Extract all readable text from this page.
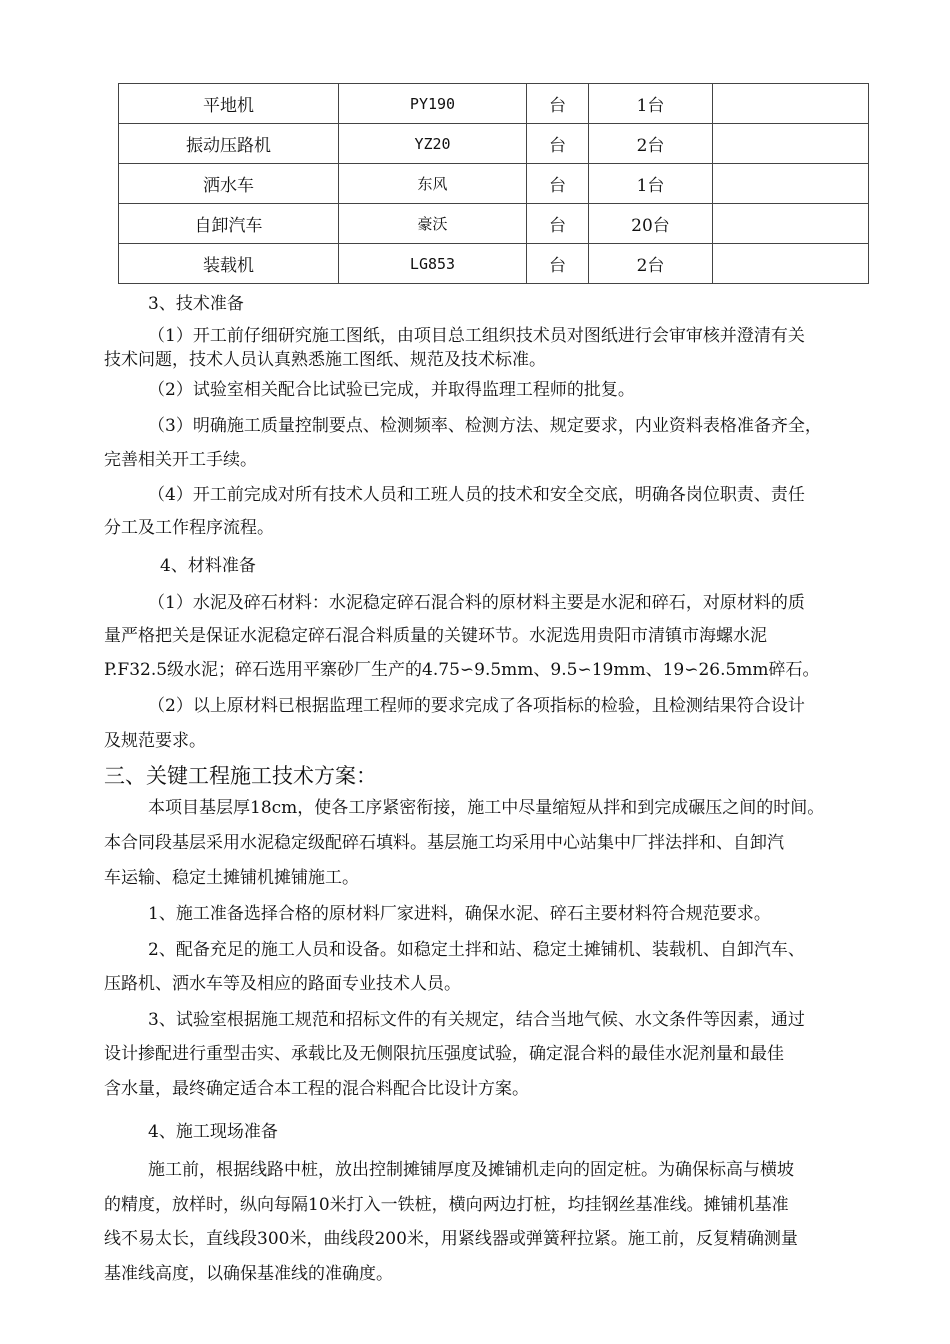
平地机	PY190	台	1台	
振动压路机	YZ20	台	2台	
洒水车	东风	台	1台	
自卸汽车	豪沃	台	20台	
装载机	LG853	台	2台	
3、技术准备
（1）开工前仔细研究施工图纸，由项目总工组织技术员对图纸进行会审审核并澄清有关
技术问题，技术人员认真熟悉施工图纸、规范及技术标准。
（2）试验室相关配合比试验已完成，并取得监理工程师的批复。
（3）明确施工质量控制要点、检测频率、检测方法、规定要求，内业资料表格准备齐全，
完善相关开工手续。
（4）开工前完成对所有技术人员和工班人员的技术和安全交底，明确各岗位职责、责任
分工及工作程序流程。
4、材料准备
（1）水泥及碎石材料：水泥稳定碎石混合料的原材料主要是水泥和碎石，对原材料的质
量严格把关是保证水泥稳定碎石混合料质量的关键环节。水泥选用贵阳市清镇市海螺水泥
P.F32.5级水泥；碎石选用平寨砂厂生产的4.75∽9.5mm、9.5∽19mm、19∽26.5mm碎石。
（2）以上原材料已根据监理工程师的要求完成了各项指标的检验，且检测结果符合设计
及规范要求。
三、关键工程施工技术方案：
本项目基层厚18cm，使各工序紧密衔接，施工中尽量缩短从拌和到完成碾压之间的时间。
本合同段基层采用水泥稳定级配碎石填料。基层施工均采用中心站集中厂拌法拌和、自卸汽
车运输、稳定土摊铺机摊铺施工。
1、施工准备选择合格的原材料厂家进料，确保水泥、碎石主要材料符合规范要求。
2、配备充足的施工人员和设备。如稳定土拌和站、稳定土摊铺机、装载机、自卸汽车、
压路机、洒水车等及相应的路面专业技术人员。
3、试验室根据施工规范和招标文件的有关规定，结合当地气候、水文条件等因素，通过
设计掺配进行重型击实、承载比及无侧限抗压强度试验，确定混合料的最佳水泥剂量和最佳
含水量，最终确定适合本工程的混合料配合比设计方案。
4、施工现场准备
施工前，根据线路中桩，放出控制摊铺厚度及摊铺机走向的固定桩。为确保标高与横坡
的精度，放样时，纵向每隔10米打入一铁桩，横向两边打桩，均挂钢丝基准线。摊铺机基准
线不易太长，直线段300米，曲线段200米，用紧线器或弹簧秤拉紧。施工前，反复精确测量
基准线高度，以确保基准线的准确度。
